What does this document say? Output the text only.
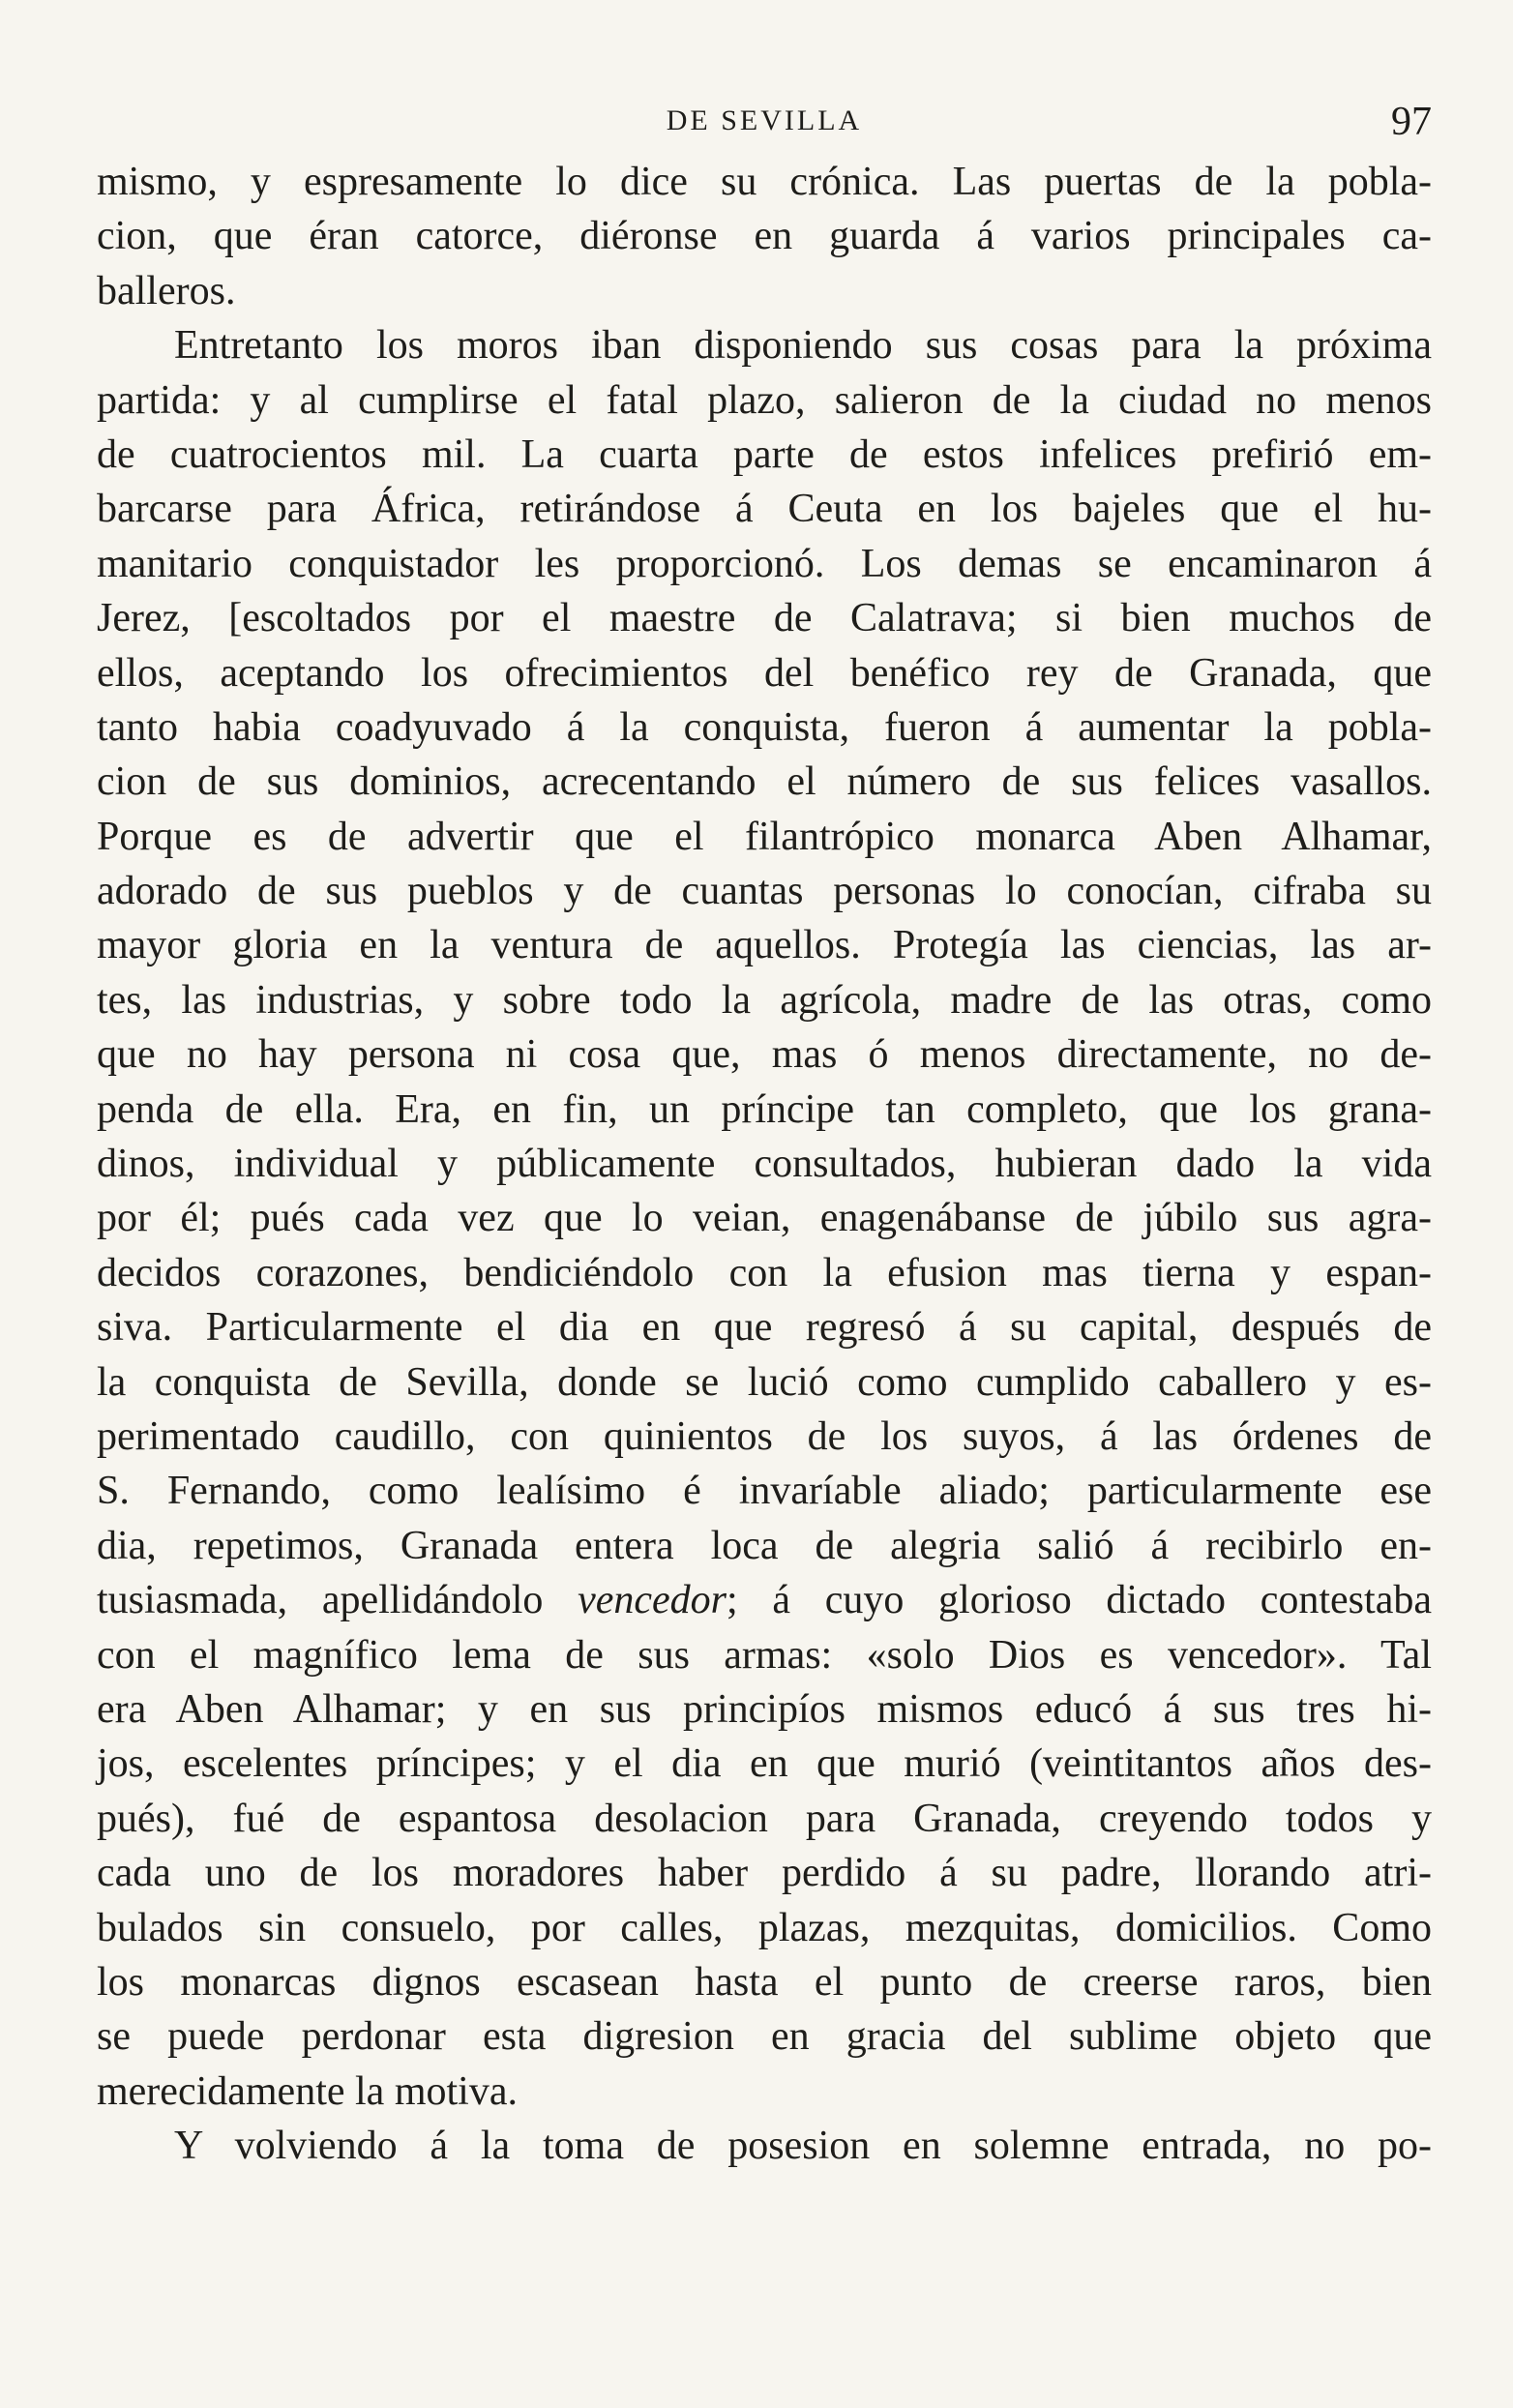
DE SEVILLA	97
mismo, y espresamente lo dice su crónica. Las puertas de la pobla-
cion, que éran catorce, diéronse en guarda á varios principales ca-
balleros.
Entretanto los moros iban disponiendo sus cosas para la próxima
partida: y al cumplirse el fatal plazo, salieron de la ciudad no menos
de cuatrocientos mil. La cuarta parte de estos infelices prefirió em-
barcarse para África, retirándose á Ceuta en los bajeles que el hu-
manitario conquistador les proporcionó. Los demas se encaminaron á
Jerez, [escoltados por el maestre de Calatrava; si bien muchos de
ellos, aceptando los ofrecimientos del benéfico rey de Granada, que
tanto habia coadyuvado á la conquista, fueron á aumentar la pobla-
cion de sus dominios, acrecentando el número de sus felices vasallos.
Porque es de advertir que el filantrópico monarca Aben Alhamar,
adorado de sus pueblos y de cuantas personas lo conocían, cifraba su
mayor gloria en la ventura de aquellos. Protegía las ciencias, las ar-
tes, las industrias, y sobre todo la agrícola, madre de las otras, como
que no hay persona ni cosa que, mas ó menos directamente, no de-
penda de ella. Era, en fin, un príncipe tan completo, que los grana-
dinos, individual y públicamente consultados, hubieran dado la vida
por él; pués cada vez que lo veian, enagenábanse de júbilo sus agra-
decidos corazones, bendiciéndolo con la efusion mas tierna y espan-
siva. Particularmente el dia en que regresó á su capital, después de
la conquista de Sevilla, donde se lució como cumplido caballero y es-
perimentado caudillo, con quinientos de los suyos, á las órdenes de
S. Fernando, como lealísimo é invaríable aliado; particularmente ese
dia, repetimos, Granada entera loca de alegria salió á recibirlo en-
tusiasmada, apellidándolo vencedor; á cuyo glorioso dictado contestaba
con el magnífico lema de sus armas: «solo Dios es vencedor». Tal
era Aben Alhamar; y en sus principíos mismos educó á sus tres hi-
jos, escelentes príncipes; y el dia en que murió (veintitantos años des-
pués), fué de espantosa desolacion para Granada, creyendo todos y
cada uno de los moradores haber perdido á su padre, llorando atri-
bulados sin consuelo, por calles, plazas, mezquitas, domicilios. Como
los monarcas dignos escasean hasta el punto de creerse raros, bien
se puede perdonar esta digresion en gracia del sublime objeto que
merecidamente la motiva.
Y volviendo á la toma de posesion en solemne entrada, no po-
